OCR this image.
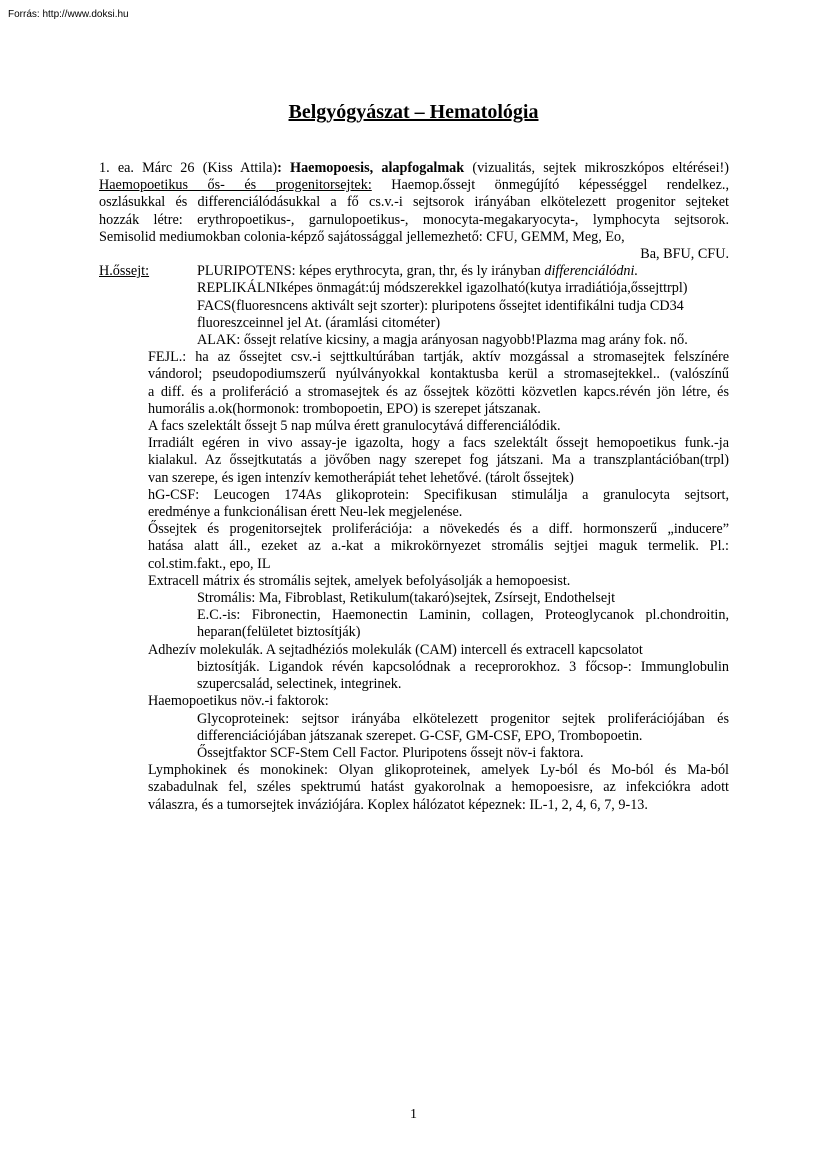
Forrás: http://www.doksi.hu
Belgyógyászat – Hematológia

1. ea. Márc 26 (Kiss Attila): Haemopoesis, alapfogalmak (vizualitás, sejtek mikroszkópos eltérései!)

Haemopoetikus ős- és progenitorsejtek: Haemop.őssejt önmegújító képességgel rendelkez.,

oszlásukkal és differenciálódásukkal a fő cs.v.-i sejtsorok irányában elkötelezett progenitor sejteket

hozzák létre: erythropoetikus-, garnulopoetikus-, monocyta-megakaryocyta-, lymphocyta sejtsorok.

Semisolid mediumokban colonia-képző sajátossággal jellemezhető: CFU, GEMM, Meg, Eo,

Ba, BFU, CFU.

H.őssejt:	PLURIPOTENS: képes erythrocyta, gran, thr, és ly irányban differenciálódni.

REPLIKÁLNIképes önmagát:új módszerekkel igazolható(kutya irradiátiója,őssejttrpl)

FACS(fluoresncens aktivált sejt szorter): pluripotens őssejtet identifikálni tudja CD34

fluoreszceinnel jel At. (áramlási citométer)

ALAK: őssejt relatíve kicsiny, a magja arányosan nagyobb!Plazma mag arány fok. nő.

FEJL.: ha az őssejtet csv.-i sejttkultúrában tartják, aktív mozgással a stromasejtek felszínére

vándorol; pseudopodiumszerű nyúlványokkal kontaktusba kerül a stromasejtekkel.. (valószínű

a diff. és a proliferáció a stromasejtek és az őssejtek közötti közvetlen kapcs.révén jön létre, és

humorális a.ok(hormonok: trombopoetin, EPO) is szerepet játszanak.

A facs szelektált őssejt 5 nap múlva érett granulocytává differenciálódik.

Irradiált egéren in vivo assay-je igazolta, hogy a facs szelektált őssejt hemopoetikus funk.-ja

kialakul. Az őssejtkutatás a jövőben nagy szerepet fog játszani. Ma a transzplantációban(trpl)

van szerepe, és igen intenzív kemotherápiát tehet lehetővé. (tárolt őssejtek)

hG-CSF: Leucogen 174As glikoprotein: Specifikusan stimulálja a granulocyta sejtsort,

eredménye a funkcionálisan érett Neu-lek megjelenése.

Őssejtek és progenitorsejtek proliferációja: a növekedés és a diff. hormonszerű „inducere”

hatása alatt áll., ezeket az a.-kat a mikrokörnyezet stromális sejtjei maguk termelik. Pl.:

col.stim.fakt., epo, IL

Extracell mátrix és stromális sejtek, amelyek befolyásolják a hemopoesist.

Stromális: Ma, Fibroblast, Retikulum(takaró)sejtek, Zsírsejt, Endothelsejt

E.C.-is: Fibronectin, Haemonectin Laminin, collagen, Proteoglycanok pl.chondroitin,

heparan(felületet biztosítják)

Adhezív molekulák. A sejtadhéziós molekulák (CAM) intercell és extracell kapcsolatot

biztosítják. Ligandok révén kapcsolódnak a receprorokhoz. 3 főcsop-: Immunglobulin

szupercsalád, selectinek, integrinek.

Haemopoetikus növ.-i faktorok:

Glycoproteinek: sejtsor irányába elkötelezett progenitor sejtek proliferációjában és

differenciációjában játszanak szerepet. G-CSF, GM-CSF, EPO, Trombopoetin.

Őssejtfaktor SCF-Stem Cell Factor. Pluripotens őssejt növ-i faktora.

Lymphokinek és monokinek: Olyan glikoproteinek, amelyek Ly-ból és Mo-ból és Ma-ból

szabadulnak fel, széles spektrumú hatást gyakorolnak a hemopoesisre, az infekciókra adott

válaszra, és a tumorsejtek inváziójára. Koplex hálózatot képeznek: IL-1, 2, 4, 6, 7, 9-13.

1
